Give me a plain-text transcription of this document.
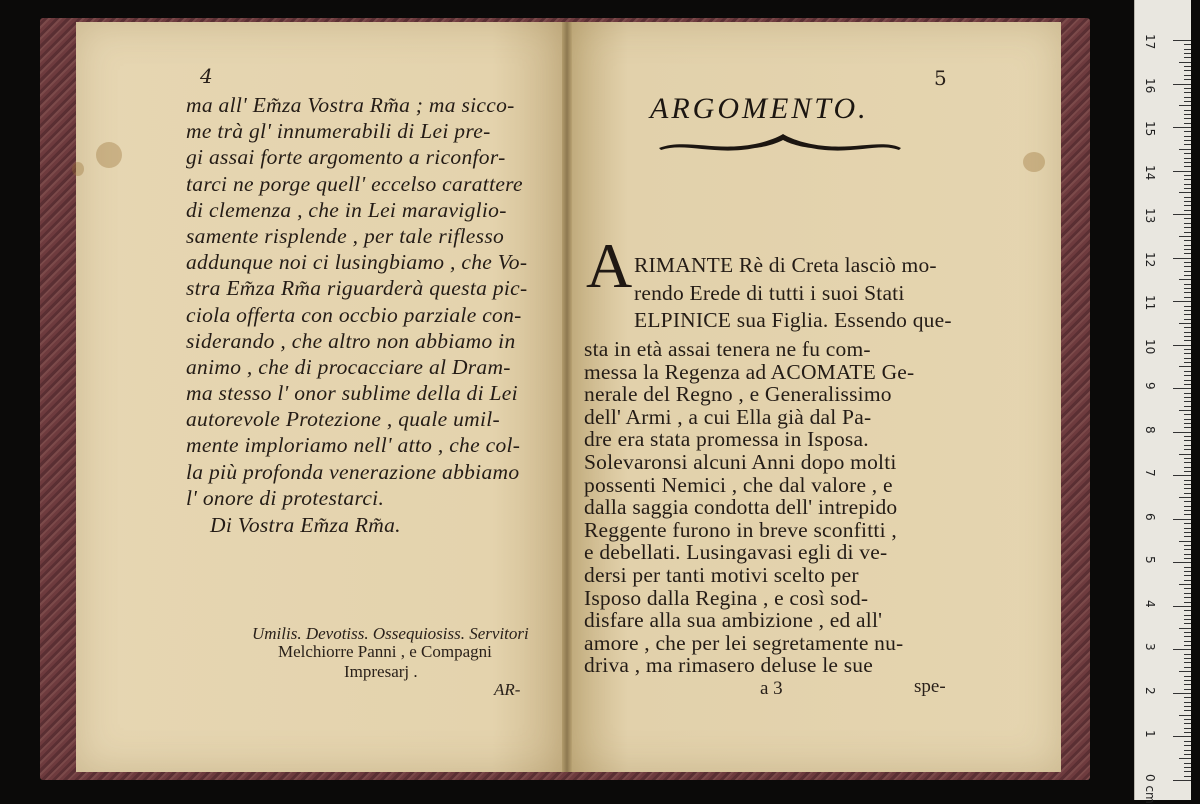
4
ma all' Em̃za Vostra Rm̃a ; ma sicco-
me trà gl' innumerabili di Lei pre-
gi assai forte argomento a riconfor-
tarci ne porge quell' eccelso carattere
di clemenza , che in Lei maraviglio-
samente risplende , per tale riflesso
addunque noi ci lusingbiamo , che Vo-
stra Em̃za Rm̃a riguarderà questa pic-
ciola offerta con occbio parziale con-
siderando , che altro non abbiamo in
animo , che di procacciare al Dram-
ma stesso l' onor sublime della di Lei
autorevole Protezione , quale umil-
mente imploriamo nell' atto , che col-
la più profonda venerazione abbiamo
l' onore di protestarci.
Di Vostra Em̃za Rm̃a.
Umilis. Devotiss. Ossequiosiss. Servitori
Melchiorre Panni , e Compagni
Impresarj .
AR-
5
ARGOMENTO.
A RIMANTE Rè di Creta lasciò mo-
rendo Erede di tutti i suoi Stati
ELPINICE sua Figlia. Essendo que-
sta in età assai tenera ne fu com-
messa la Regenza ad ACOMATE Ge-
nerale del Regno , e Generalissimo
dell' Armi , a cui Ella già dal Pa-
dre era stata promessa in Isposa.
Solevaronsi alcuni Anni dopo molti
possenti Nemici , che dal valore , e
dalla saggia condotta dell' intrepido
Reggente furono in breve sconfitti ,
e debellati. Lusingavasi egli di ve-
dersi per tanti motivi scelto per
Isposo dalla Regina , e così sod-
disfare alla sua ambizione , ed all'
amore , che per lei segretamente nu-
driva , ma rimasero deluse le sue
a 3	spe-
17
16
15
14
13
12
11
10
9
8
7
6
5
4
3
2
1
0 cm
